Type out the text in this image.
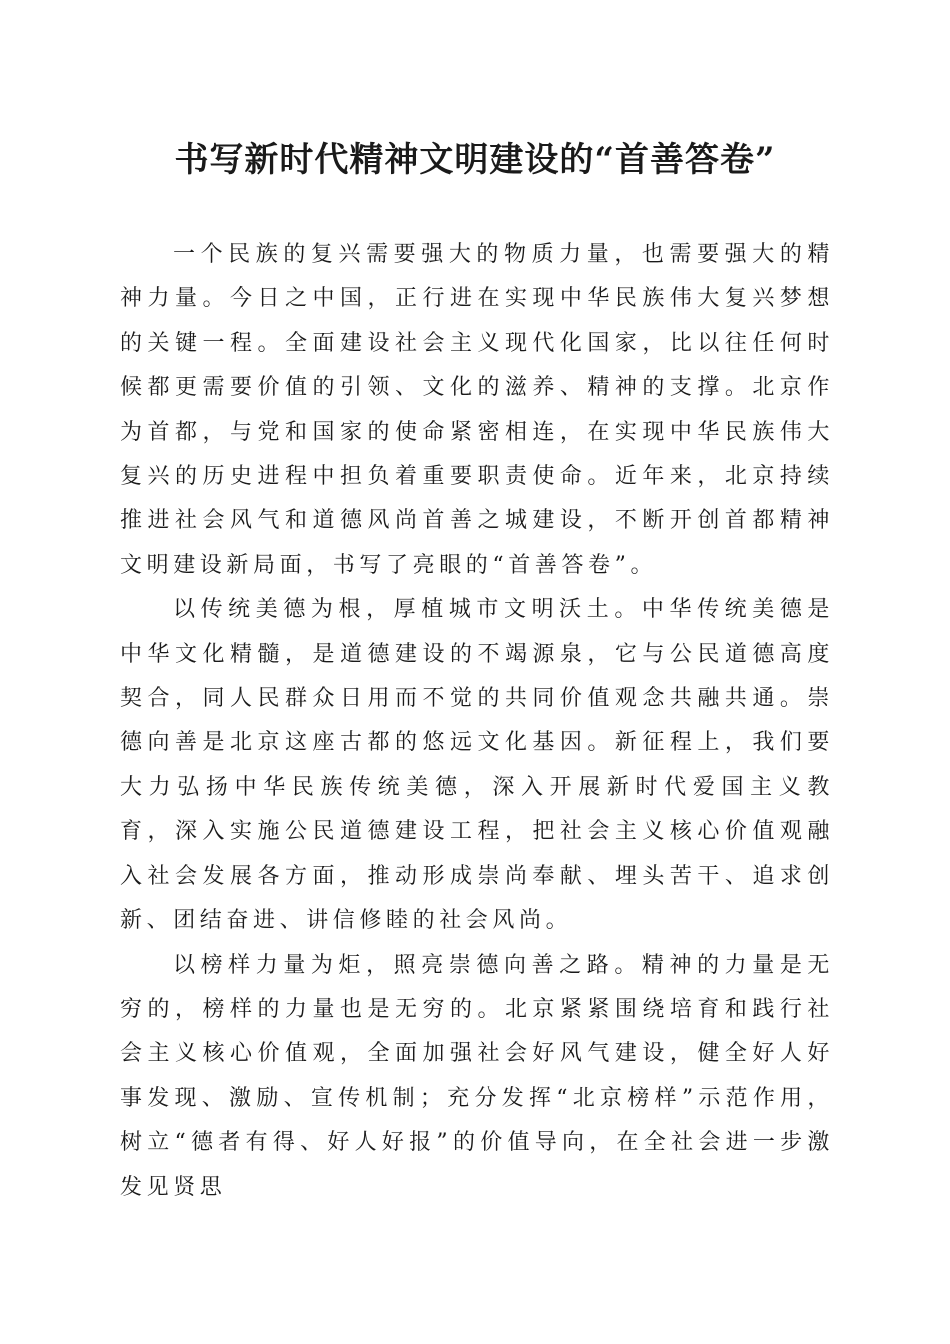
书写新时代精神文明建设的“首善答卷”

一个民族的复兴需要强大的物质力量，也需要强大的精神力量。今日之中国，正行进在实现中华民族伟大复兴梦想的关键一程。全面建设社会主义现代化国家，比以往任何时候都更需要价值的引领、文化的滋养、精神的支撑。北京作为首都，与党和国家的使命紧密相连，在实现中华民族伟大复兴的历史进程中担负着重要职责使命。近年来，北京持续推进社会风气和道德风尚首善之城建设，不断开创首都精神文明建设新局面，书写了亮眼的“首善答卷”。

以传统美德为根，厚植城市文明沃土。中华传统美德是中华文化精髓，是道德建设的不竭源泉，它与公民道德高度契合，同人民群众日用而不觉的共同价值观念共融共通。崇德向善是北京这座古都的悠远文化基因。新征程上，我们要大力弘扬中华民族传统美德，深入开展新时代爱国主义教育，深入实施公民道德建设工程，把社会主义核心价值观融入社会发展各方面，推动形成崇尚奉献、埋头苦干、追求创新、团结奋进、讲信修睦的社会风尚。

以榜样力量为炬，照亮崇德向善之路。精神的力量是无穷的，榜样的力量也是无穷的。北京紧紧围绕培育和践行社会主义核心价值观，全面加强社会好风气建设，健全好人好事发现、激励、宣传机制；充分发挥“北京榜样”示范作用，树立“德者有得、好人好报”的价值导向，在全社会进一步激发见贤思
